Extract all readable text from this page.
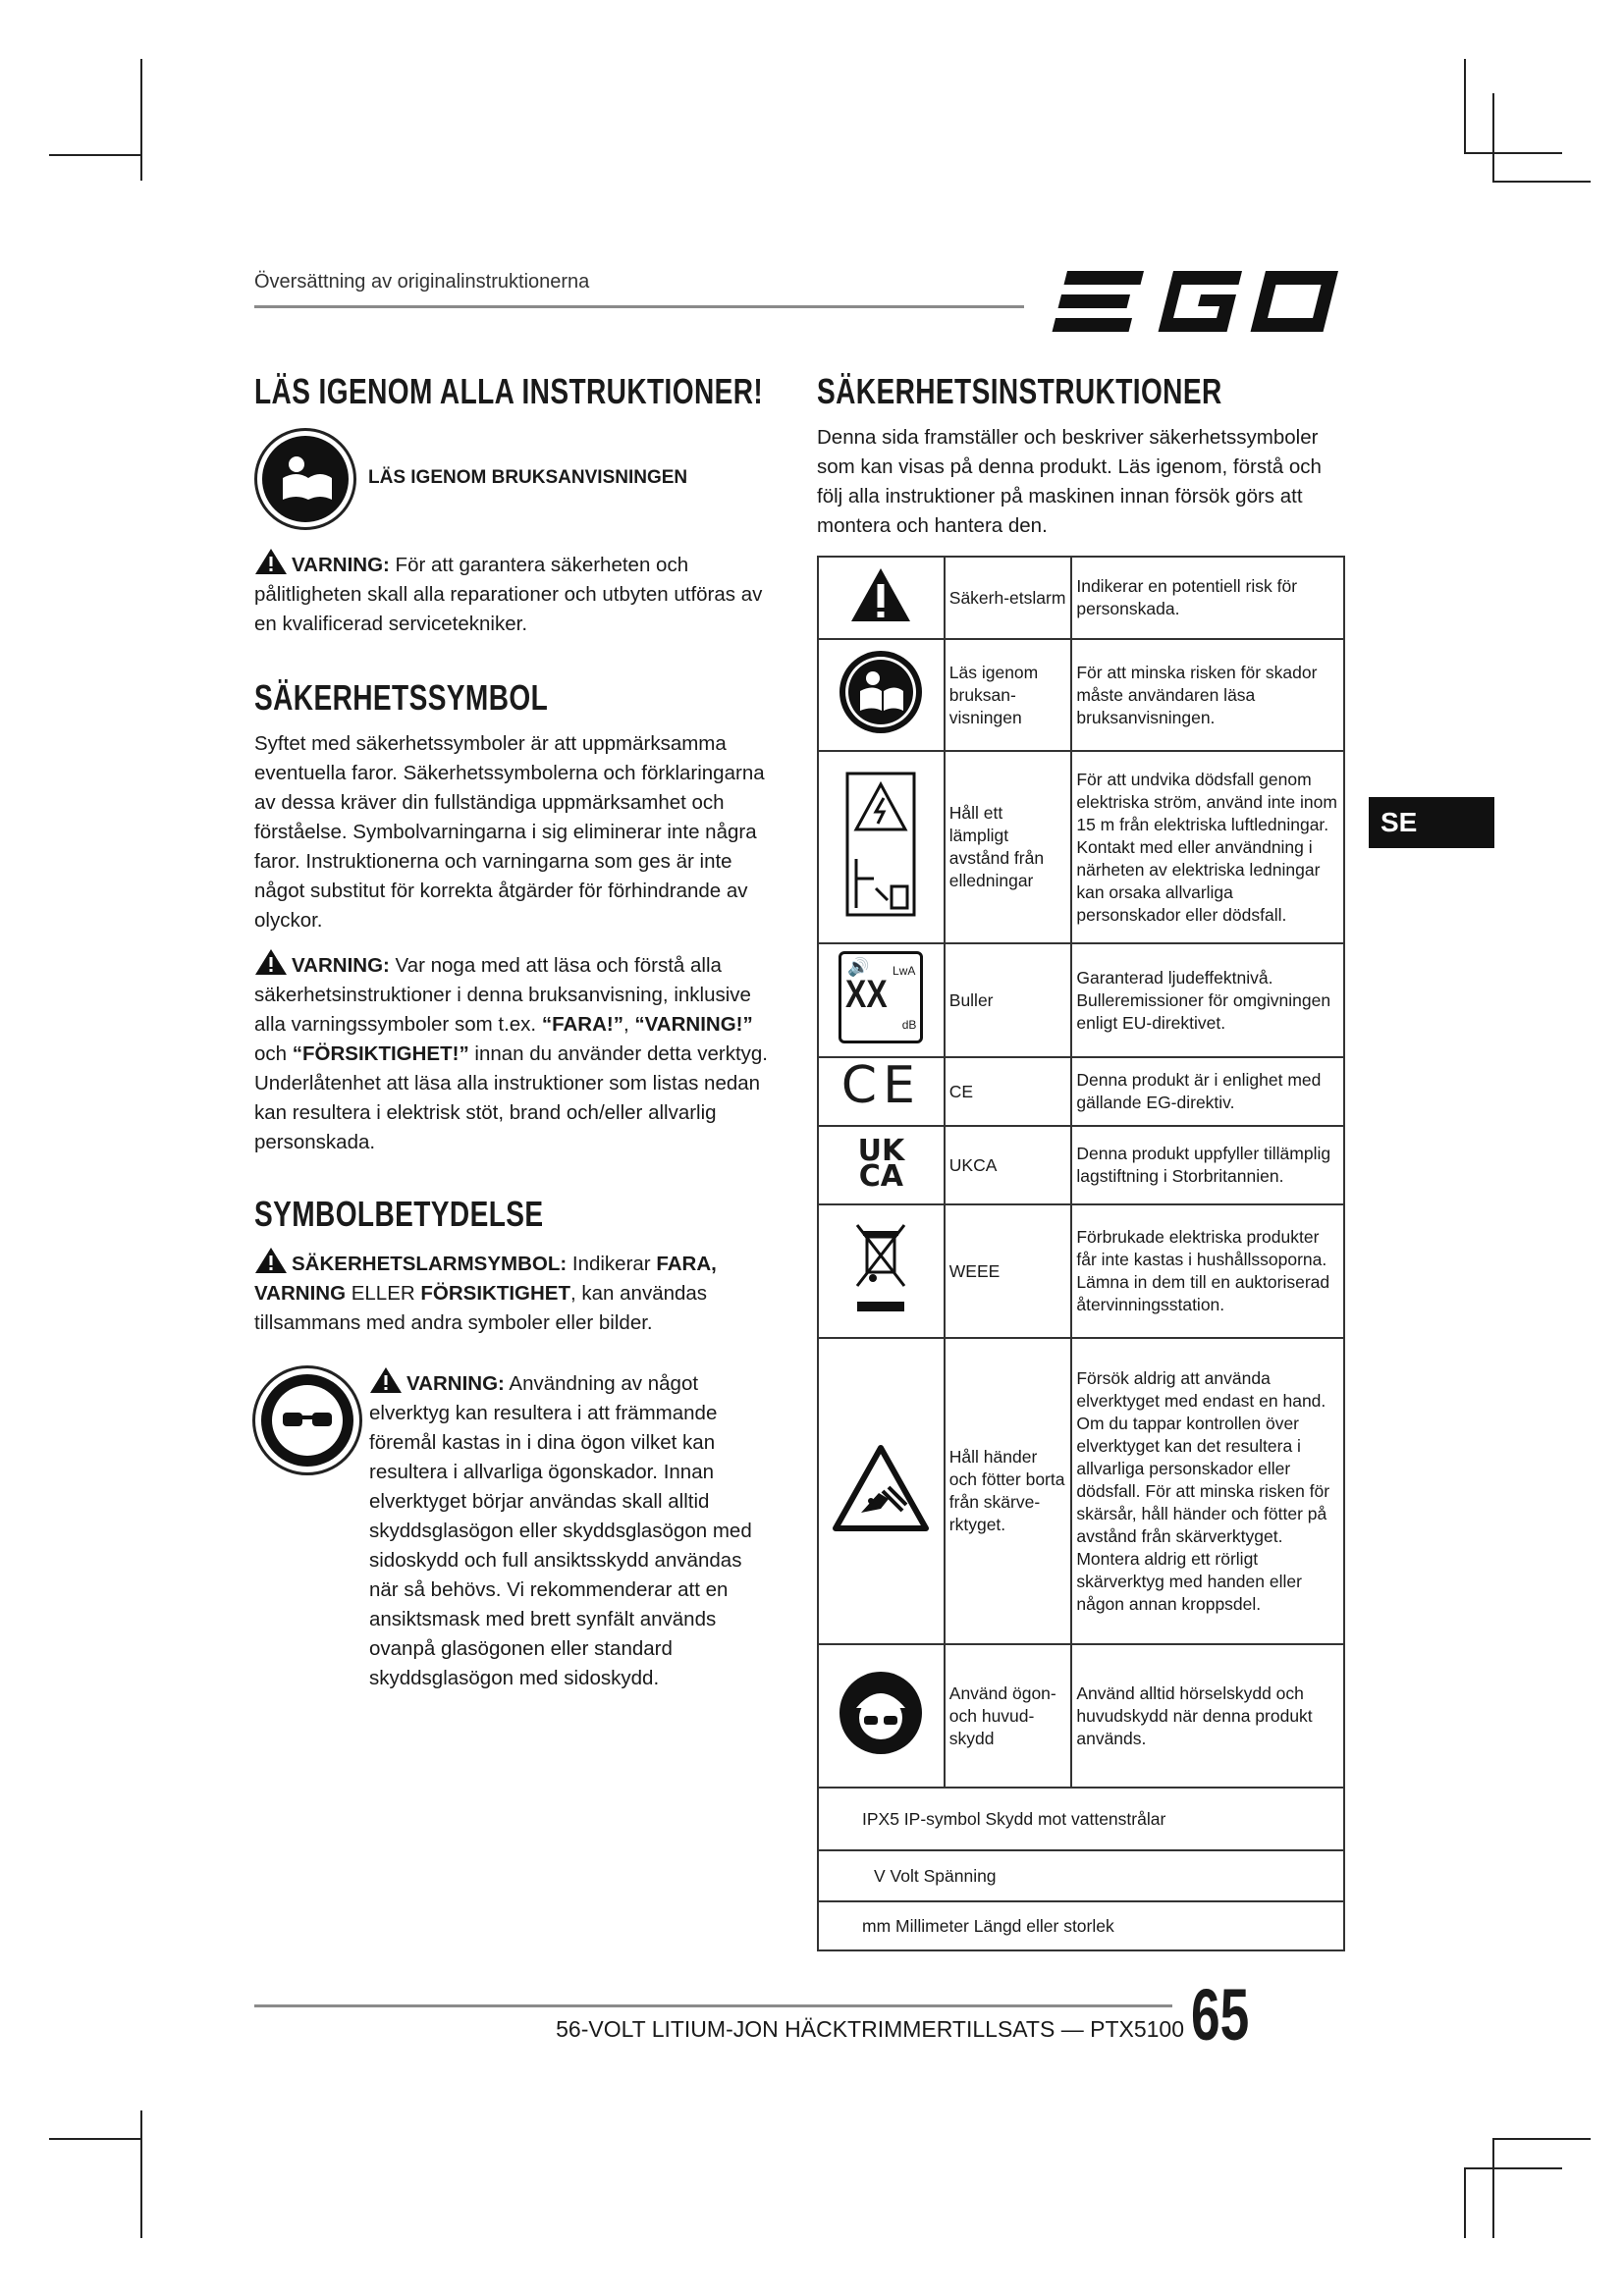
Översättning av originalinstruktionerna
LÄS IGENOM ALLA INSTRUKTIONER!
LÄS IGENOM BRUKSANVISNINGEN
VARNING: För att garantera säkerheten och pålitligheten skall alla reparationer och utbyten utföras av en kvalificerad servicetekniker.
SÄKERHETSSYMBOL
Syftet med säkerhetssymboler är att uppmärksamma eventuella faror. Säkerhetssymbolerna och förklaringarna av dessa kräver din fullständiga uppmärksamhet och förståelse. Symbolvarningarna i sig eliminerar inte några faror. Instruktionerna och varningarna som ges är inte något substitut för korrekta åtgärder för förhindrande av olyckor.
VARNING: Var noga med att läsa och förstå alla säkerhetsinstruktioner i denna bruksanvisning, inklusive alla varningssymboler som t.ex. “FARA!”, “VARNING!” och “FÖRSIKTIGHET!” innan du använder detta verktyg. Underlåtenhet att läsa alla instruktioner som listas nedan kan resultera i elektrisk stöt, brand och/eller allvarlig personskada.
SYMBOLBETYDELSE
SÄKERHETSLARMSYMBOL: Indikerar FARA, VARNING ELLER FÖRSIKTIGHET, kan användas tillsammans med andra symboler eller bilder.
VARNING: Användning av något elverktyg kan resultera i att främmande föremål kastas in i dina ögon vilket kan resultera i allvarliga ögonskador. Innan elverktyget börjar användas skall alltid skyddsglasögon eller skyddsglasögon med sidoskydd och full ansiktsskydd användas när så behövs. Vi rekommenderar att en ansiktsmask med brett synfält används ovanpå glasögonen eller standard skyddsglasögon med sidoskydd.
SÄKERHETSINSTRUKTIONER
Denna sida framställer och beskriver säkerhetssymboler som kan visas på denna produkt. Läs igenom, förstå och följ alla instruktioner på maskinen innan försök görs att montera och hantera den.
	Säkerh-etslarm	Indikerar en potentiell risk för personskada.
	Läs igenom bruksan-visningen	För att minska risken för skador måste användaren läsa bruksanvisningen.
	Håll ett lämpligt avstånd från elledningar	För att undvika dödsfall genom elektriska ström, använd inte inom 15 m från elektriska luftledningar. Kontakt med eller användning i närheten av elektriska ledningar kan orsaka allvarliga personskador eller dödsfall.

🔊 LwA
XX
dB	Buller	Garanterad ljudeffektnivå. Bulleremissioner för omgivningen enligt EU-direktivet.
CE	CE	Denna produkt är i enlighet med gällande EG-direktiv.

UK
CA	UKCA	Denna produkt uppfyller tillämplig lagstiftning i Storbritannien.
	WEEE	Förbrukade elektriska produkter får inte kastas i hushållssoporna. Lämna in dem till en auktoriserad återvinningsstation.
	Håll händer och fötter borta från skärve-rktyget.	Försök aldrig att använda elverktyget med endast en hand. Om du tappar kontrollen över elverktyget kan det resultera i allvarliga personskador eller dödsfall. För att minska risken för skärsår, håll händer och fötter på avstånd från skärverktyget. Montera aldrig ett rörligt skärverktyg med handen eller någon annan kroppsdel.
	Använd ögon- och huvud-skydd	Använd alltid hörselskydd och huvudskydd när denna produkt används.
IPX5 IP-symbol Skydd mot vattenstrålar		
V Volt Spänning		
mm Millimeter Längd eller storlek		
SE
56-VOLT LITIUM-JON HÄCKTRIMMERTILLSATS — PTX5100 65
